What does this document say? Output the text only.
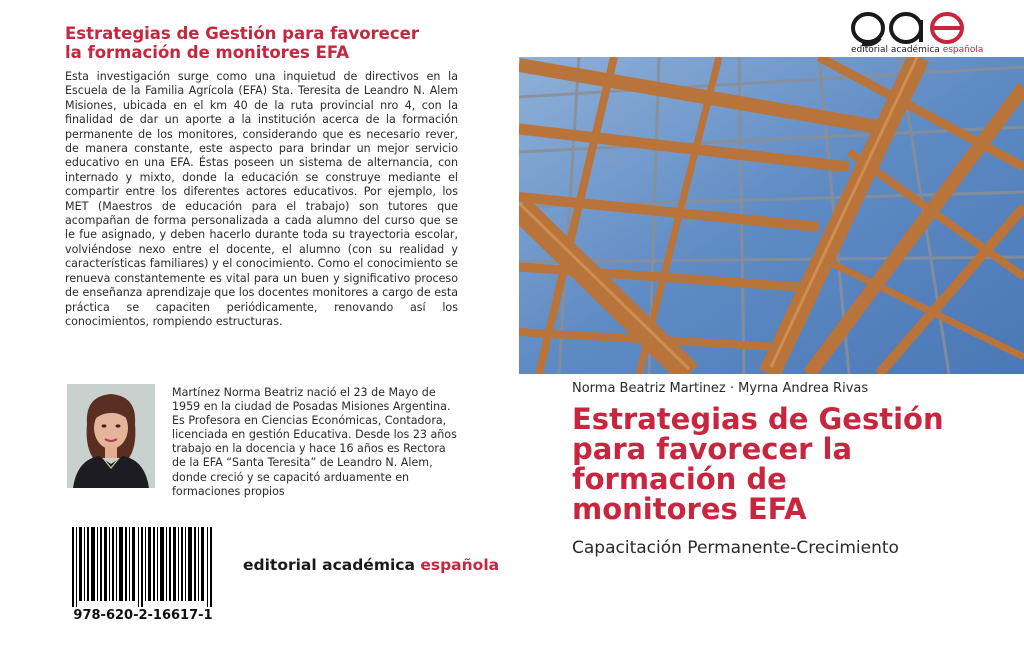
Estrategias de Gestión para favorecer
la formación de monitores EFA

Esta investigación surge como una inquietud de directivos en la Escuela de la Familia Agrícola (EFA) Sta. Teresita de Leandro N. Alem Misiones, ubicada en el km 40 de la ruta provincial nro 4, con la finalidad de dar un aporte a la institución acerca de la formación permanente de los monitores, considerando que es necesario rever, de manera constante, este aspecto para brindar un mejor servicio educativo en una EFA. Éstas poseen un sistema de alternancia, con internado y mixto, donde la educación se construye mediante el compartir entre los diferentes actores educativos. Por ejemplo, los MET (Maestros de educación para el trabajo) son tutores que acompañan de forma personalizada a cada alumno del curso que se le fue asignado, y deben hacerlo durante toda su trayectoria escolar, volviéndose nexo entre el docente, el alumno (con su realidad y características familiares) y el conocimiento. Como el conocimiento se renueva constantemente es vital para un buen y significativo proceso de enseñanza aprendizaje que los docentes monitores a cargo de esta práctica se capaciten periódicamente, renovando así los conocimientos, rompiendo estructuras.

Martínez Norma Beatriz nació el 23 de Mayo de 1959 en la ciudad de Posadas Misiones Argentina. Es Profesora en Ciencias Económicas, Contadora, licenciada en gestión Educativa. Desde los 23 años trabajo en la docencia y hace 16 años es Rectora de la EFA “Santa Teresita” de Leandro N. Alem, donde creció y se capacitó arduamente en formaciones propios

978-620-2-16617-1
editorial académica española
editorial académica española
Norma Beatriz Martinez · Myrna Andrea Rivas
Estrategias de Gestión
para favorecer la
formación de
monitores EFA
Capacitación Permanente-Crecimiento
